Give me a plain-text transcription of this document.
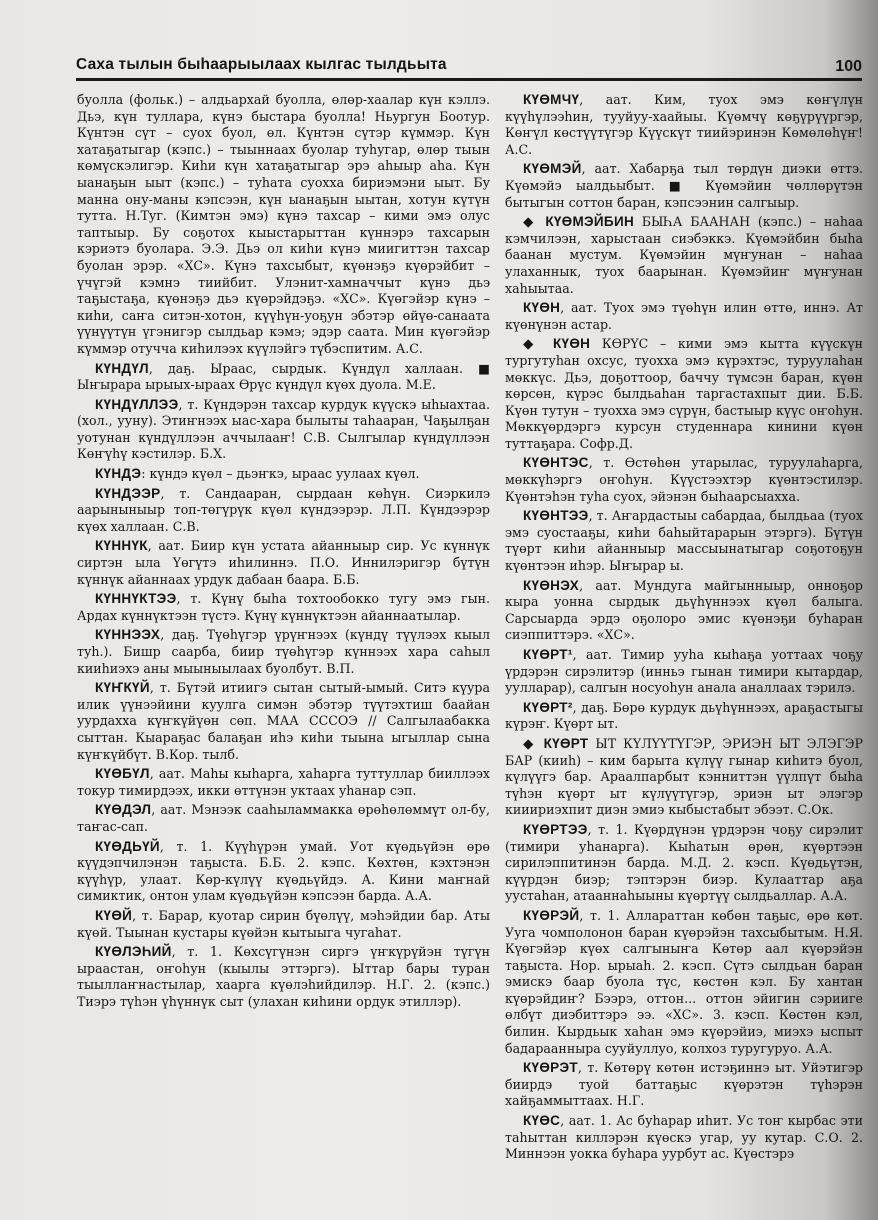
Саха тылын быһаарыылаах кылгас тылдьыта	100

буолла (фольк.) – алдьархай буолла, өлөр-хаалар күн кэллэ. Дьэ, күн туллара, күнэ быстара буолла! Ньургун Боотур. Күнтэн сүт – суох буол, өл. Күнтэн сүтэр күммэр. Күн хатаҕатыгар (кэпс.) – тыыннаах буолар туһугар, өлөр тыын көмүскэлигэр. Киһи күн хатаҕатыгар эрэ аһыыр аһа. Күн ыанаҕын ыыт (кэпс.) – туһата суохха бириэмэни ыыт. Бу манна ону-маны кэпсээн, күн ыанаҕын ыытан, хотун күтүн тутта. Н.Туг. (Кимтэн эмэ) күнэ тахсар – кими эмэ олус таптыыр. Бу соҕотох кыыстарыттан күннэрэ тахсарын кэриэтэ буолара. Э.Э. Дьэ ол киһи күнэ миигиттэн тахсар буолан эрэр. «ХС». Күнэ тахсыбыт, күөнэҕэ күөрэйбит – үчүгэй кэмнэ тиийбит. Улэнит-хамначчыт күнэ дьэ таҕыстаҕа, күөнэҕэ дьэ күөрэйдэҕэ. «ХС». Күөгэйэр күнэ – киһи, саҥа ситэн-хотон, күүһүн-уоҕун эбэтэр өйүө-санаата үүнүүтүн үгэнигэр сылдьар кэмэ; эдэр саата. Мин күөгэйэр күммэр отучча киһилээх күүлэйгэ түбэспитим. А.С.

КҮНДҮЛ, даҕ. Ыраас, сырдык. Күндүл халлаан. ■ Ыҥырара ырыых-ыраах Өрүс күндүл күөх дуола. М.Е.

КҮНДҮЛЛЭЭ, т. Күндэрэн тахсар курдук күүскэ ыһыахтаа. (хол., ууну). Этиҥнээх ыас-хара былыты таһааран, Чаҕылҕан уотунан күндүллээн аччылааҥ! С.В. Сылгылар күндүллээн Көҥүһү кэстилэр. Б.Х.

КҮНДЭ: күндэ күөл – дьэҥкэ, ыраас уулаах күөл.

КҮНДЭЭР, т. Сандааран, сырдаан көһүн. Сиэркилэ аарыныныыр топ-төгүрүк күөл күндээрэр. Л.П. Күндээрэр күөх халлаан. С.В.

КҮННҮК, аат. Биир күн устата айанныыр сир. Ус күннүк сиртэн ыла Үөгүтэ иһилиннэ. П.О. Иннилэригэр бүтүн күннүк айаннаах урдук дабаан баара. Б.Б.

КҮННҮКТЭЭ, т. Күнү быһа тохтообокко тугу эмэ гын. Ардах күннүктээн түстэ. Күнү күннүктээн айаннаатылар.

КҮННЭЭХ, даҕ. Түөһүгэр үрүҥнээх (күндү түүлээх кыыл туһ.). Бишр саарба, биир түөһүгэр күннээх хара саһыл кииһиэхэ аны мыыныылаах буолбут. В.П.

КҮҤКҮЙ, т. Бүтэй итиигэ сытан сытый-ымый. Ситэ күура илик үүнээйини куулга симэн эбэтэр түүтэхтиш баайан уурдахха күҥкүйүөн сөп. МАА СССОЭ // Салгылаабакка сыттан. Кыараҕас балаҕан иһэ киһи тыына ыгыллар сына күҥкүйбүт. В.Кор. тылб.

КҮӨБҮЛ, аат. Маһы кыһарга, хаһарга туттуллар бииллээх токур тимирдээх, икки өттүнэн уктаах уһанар сэп.

КҮӨДЭЛ, аат. Мэнээк сааһыламмакка өрөһөлөммүт ол-бу, таҥас-сап.

КҮӨДЬҮЙ, т. 1. Күүһүрэн умай. Уот күөдьүйэн өрө күүдэпчилэнэн таҕыста. Б.Б. 2. кэпс. Көхтөн, кэхтэнэн күүһүр, улаат. Көр-күлүү күөдьүйдэ. А. Кини маҥнай симиктик, онтон улам күөдьүйэн кэпсээн барда. А.А.

КҮӨЙ, т. Барар, куотар сирин бүөлүү, мэһэйдии бар. Аты күөй. Тыынан кустары күөйэн кытыыга чугаһат.

КҮӨЛЭҺИЙ, т. 1. Көхсүгүнэн сиргэ үҥкүрүйэн түгүн ыраастан, оҥоһун (кыылы эттэргэ). Ыттар бары туран тыыллаҥнастылар, хаарга күөлэһийдилэр. Н.Г. 2. (кэпс.) Тиэрэ түһэн үһүннүк сыт (улахан киһини ордук этиллэр).

КҮӨМЧҮ, аат. Ким, туох эмэ көҥүлүн күүһүлээһин, тууйуу-хаайыы. Күөмчү көҕүрүүргэр, Көҥүл көстүүтүгэр Күүскүт тиийэринэн Көмөлөһүҥ! А.С.

КҮӨМЭЙ, аат. Хабарҕа тыл төрдүн диэки өттэ. Күөмэйэ ыалдьыбыт. ■ Күөмэйин чөллөрүтэн бытыгын соттон баран, кэпсээнин салгыыр.

◆ КҮӨМЭЙБИН БЫҺА БААНАН (кэпс.) – наһаа кэмчилээн, харыстаан сиэбэккэ. Күөмэйбин быһа баанан мустум. Күөмэйин мүҥунан – наһаа улаханнык, туох баарынан. Күөмэйиҥ мүҥунан хаһыытаа.

КҮӨН, аат. Туох эмэ түөһүн илин өттө, иннэ. Ат күөнүнэн астар.

◆ КҮӨН КӨРҮС – кими эмэ кытта күүскүн тургутуһан охсус, туохха эмэ күрэхтэс, туруулаһан мөккүс. Дьэ, доҕоттоор, баччу түмсэн баран, күөн көрсөн, күрэс былдьаһан таргастахпыт дии. Б.Б. Күөн тутун – туохха эмэ сүрүн, бастыыр күүс оҥоһун. Мөккүөрдэргэ курсун студеннара кинини күөн туттаҕара. Софр.Д.

КҮӨНТЭС, т. Өстөһөн утарылас, туруулаһарга, мөккүһэргэ оҥоһун. Күүстээхтэр күөнтэстилэр. Күөнтэһэн туһа суох, эйэнэн быһаарсыахха.

КҮӨНТЭЭ, т. Аҥардастыы сабардаа, былдьаа (туох эмэ суостааҕы, киһи баһыйтарарын этэргэ). Бүтүн түөрт киһи айанныыр массыынатыгар соҕотоҕун күөнтээн иһэр. Ыҥырар ы.

КҮӨНЭХ, аат. Мундуга майгынныыр, онноҕор кыра уонна сырдык дьүһүннээх күөл балыга. Сарсыарда эрдэ оҕолоро эмис күөнэҕи буһаран сиэппиттэрэ. «ХС».

КҮӨРТ¹, аат. Тимир ууһа кыһаҕа уоттаах чоҕу үрдэрэн сирэлитэр (инньэ гынан тимири кытардар, уулларар), салгын носуоһун анала аналлаах тэрилэ.

КҮӨРТ², даҕ. Бөрө курдук дьүһүннээх, араҕастыгы күрэҥ. Күөрт ыт.

◆ КҮӨРТ ЫТ КҮЛҮҮТҮГЭР, ЭРИЭН ЫТ ЭЛЭГЭР БАР (кииһ) – ким барыта күлүү гынар киһитэ буол, күлүүгэ бар. Араалпарбыт кэнниттэн үүлпүт быһа түһэн күөрт ыт күлүүтүгэр, эриэн ыт элэгэр кииириэхпит диэн эмиэ кыбыстабыт эбээт. С.Ок.

КҮӨРТЭЭ, т. 1. Күөрдүнэн үрдэрэн чоҕу сирэлит (тимири уһанарга). Кыһатын өрөн, күөртээн сирилэппитинэн барда. М.Д. 2. кэсп. Күөдьүтэн, күүрдэн биэр; тэптэрэн биэр. Кулааттар аҕа уустаһан, атааннаһыыны күөртүү сылдьаллар. А.А.

КҮӨРЭЙ, т. 1. Аллараттан көбөн таҕыс, өрө көт. Ууга чомполонон баран күөрэйэн тахсыбытым. Н.Я. Күөгэйэр күөх салгыныҥа Көтөр аал күөрэйэн таҕыста. Нор. ырыаһ. 2. кэсп. Сүтэ сылдьан баран эмискэ баар буола түс, көстөн кэл. Бу хантан күөрэйдиҥ? Бээрэ, оттон... оттон эйигин сэрииге өлбүт диэбиттэрэ ээ. «ХС». 3. кэсп. Көстөн кэл, билин. Кырдьык хаһан эмэ күөрэйиэ, миэхэ ыспыт бадараанныра сууйуллуо, колхоз туругуруо. А.А.

КҮӨРЭТ, т. Көтөрү көтөн истэҕиннэ ыт. Уйэтигэр биирдэ туой баттаҕыс күөрэтэн түһэрэн хайҕаммыттаах. Н.Г.

КҮӨС, аат. 1. Ас буһарар иһит. Ус тоҥ кырбас эти таһыттан киллэрэн күөскэ угар, уу кутар. С.О. 2. Миннээн уокка буһара уурбут ас. Күөстэрэ
